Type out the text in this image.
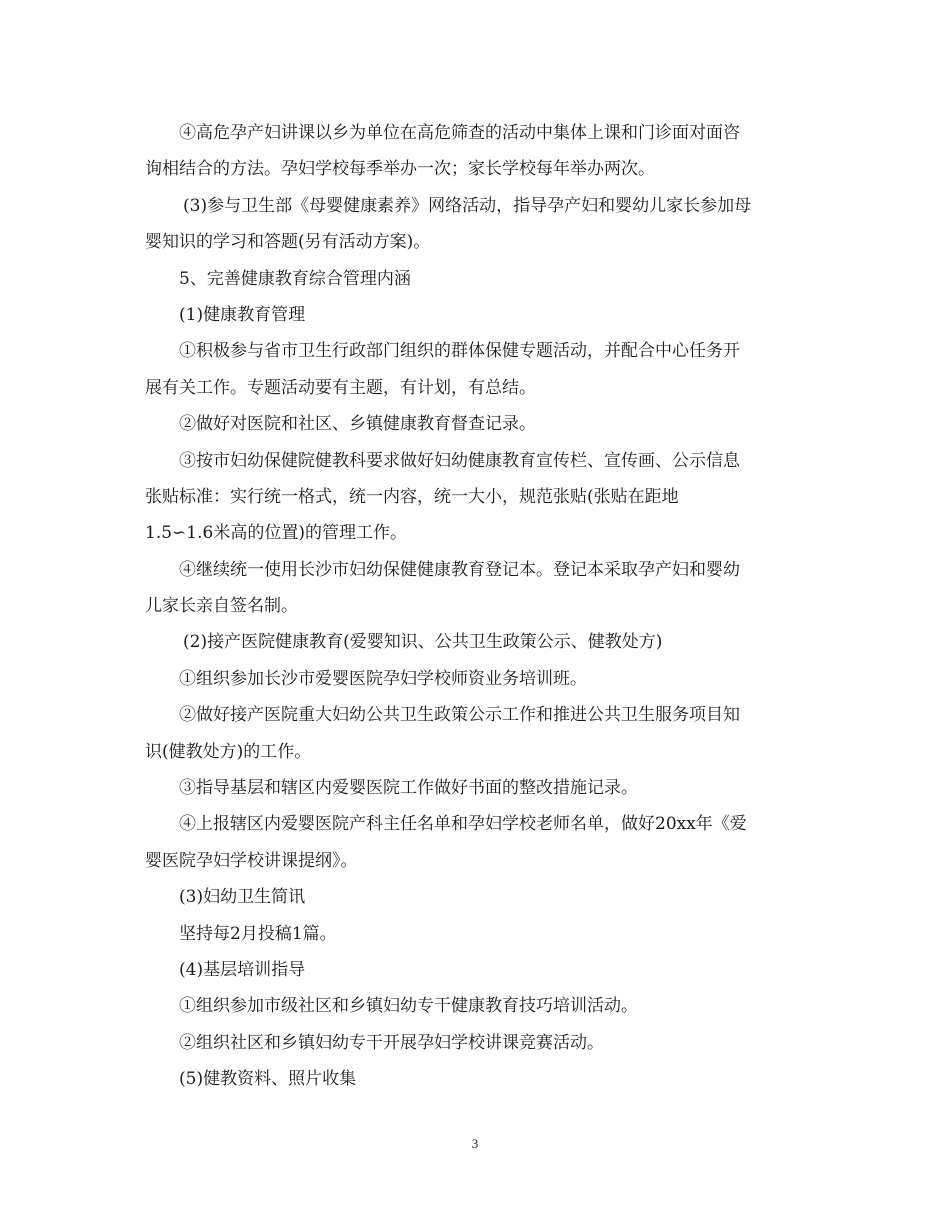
④高危孕产妇讲课以乡为单位在高危筛查的活动中集体上课和门诊面对面咨
询相结合的方法。孕妇学校每季举办一次；家长学校每年举办两次。
(3)参与卫生部《母婴健康素养》网络活动，指导孕产妇和婴幼儿家长参加母
婴知识的学习和答题(另有活动方案)。
5、完善健康教育综合管理内涵
(1)健康教育管理
①积极参与省市卫生行政部门组织的群体保健专题活动，并配合中心任务开
展有关工作。专题活动要有主题，有计划，有总结。
②做好对医院和社区、乡镇健康教育督查记录。
③按市妇幼保健院健教科要求做好妇幼健康教育宣传栏、宣传画、公示信息
张贴标准：实行统一格式，统一内容，统一大小，规范张贴(张贴在距地
1.5∽1.6米高的位置)的管理工作。
④继续统一使用长沙市妇幼保健健康教育登记本。登记本采取孕产妇和婴幼
儿家长亲自签名制。
(2)接产医院健康教育(爱婴知识、公共卫生政策公示、健教处方)
①组织参加长沙市爱婴医院孕妇学校师资业务培训班。
②做好接产医院重大妇幼公共卫生政策公示工作和推进公共卫生服务项目知
识(健教处方)的工作。
③指导基层和辖区内爱婴医院工作做好书面的整改措施记录。
④上报辖区内爱婴医院产科主任名单和孕妇学校老师名单，做好20xx年《爱
婴医院孕妇学校讲课提纲》。
(3)妇幼卫生简讯
坚持每2月投稿1篇。
(4)基层培训指导
①组织参加市级社区和乡镇妇幼专干健康教育技巧培训活动。
②组织社区和乡镇妇幼专干开展孕妇学校讲课竞赛活动。
(5)健教资料、照片收集
3
